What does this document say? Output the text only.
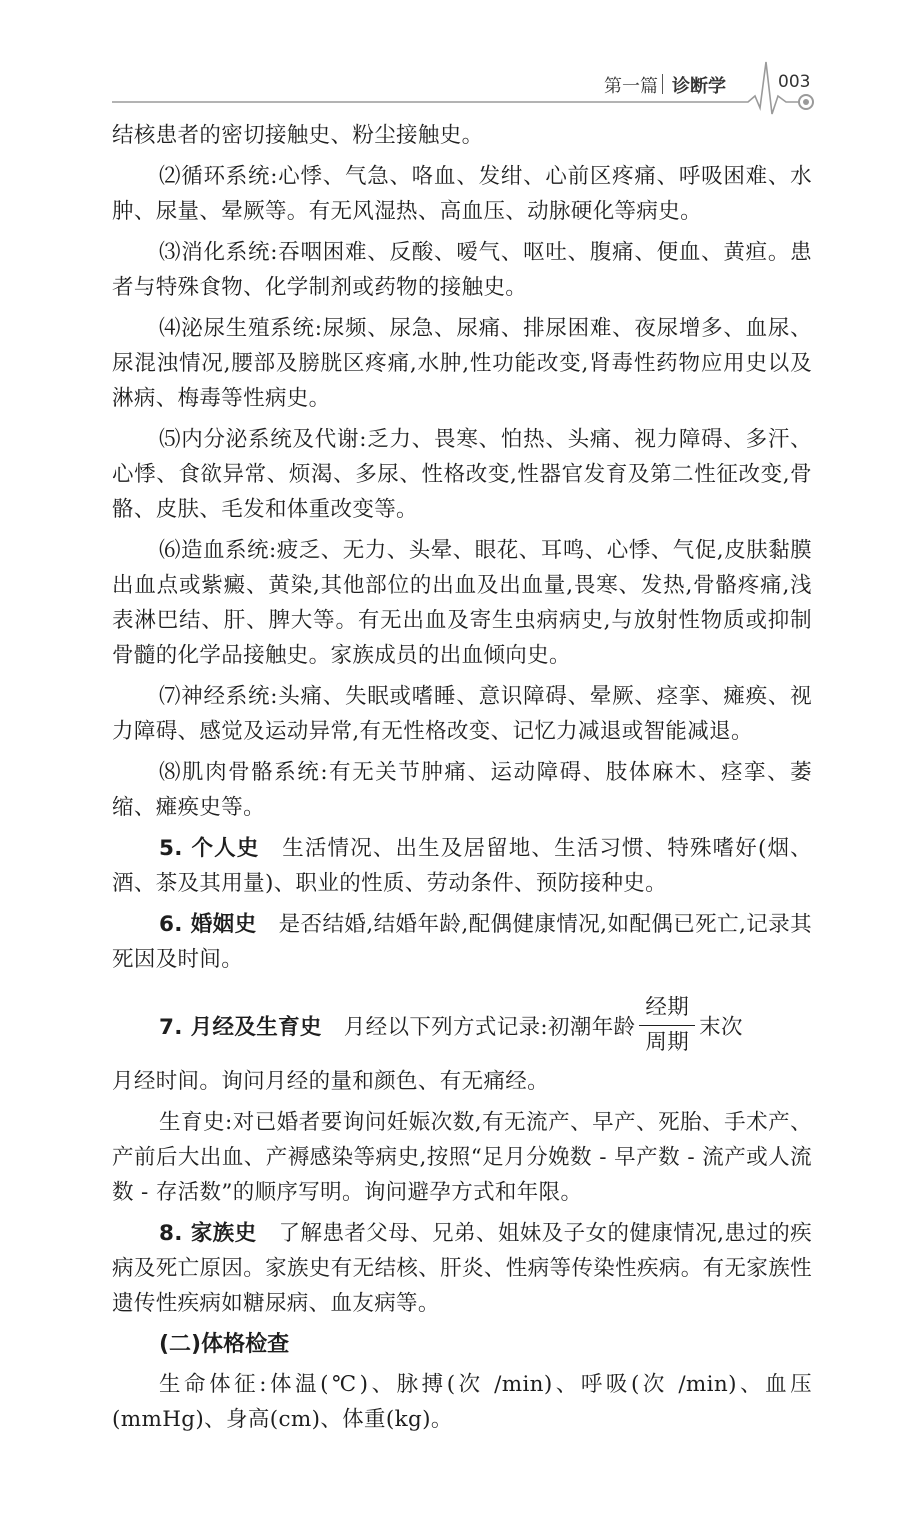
第一篇 诊断学	003

结核患者的密切接触史、粉尘接触史。

⑵循环系统:心悸、气急、咯血、发绀、心前区疼痛、呼吸困难、水肿、尿量、晕厥等。有无风湿热、高血压、动脉硬化等病史。

⑶消化系统:吞咽困难、反酸、嗳气、呕吐、腹痛、便血、黄疸。患者与特殊食物、化学制剂或药物的接触史。

⑷泌尿生殖系统:尿频、尿急、尿痛、排尿困难、夜尿增多、血尿、尿混浊情况,腰部及膀胱区疼痛,水肿,性功能改变,肾毒性药物应用史以及淋病、梅毒等性病史。

⑸内分泌系统及代谢:乏力、畏寒、怕热、头痛、视力障碍、多汗、心悸、食欲异常、烦渴、多尿、性格改变,性器官发育及第二性征改变,骨骼、皮肤、毛发和体重改变等。

⑹造血系统:疲乏、无力、头晕、眼花、耳鸣、心悸、气促,皮肤黏膜出血点或紫癜、黄染,其他部位的出血及出血量,畏寒、发热,骨骼疼痛,浅表淋巴结、肝、脾大等。有无出血及寄生虫病病史,与放射性物质或抑制骨髓的化学品接触史。家族成员的出血倾向史。

⑺神经系统:头痛、失眠或嗜睡、意识障碍、晕厥、痉挛、瘫痪、视力障碍、感觉及运动异常,有无性格改变、记忆力减退或智能减退。

⑻肌肉骨骼系统:有无关节肿痛、运动障碍、肢体麻木、痉挛、萎缩、瘫痪史等。

5. 个人史 生活情况、出生及居留地、生活习惯、特殊嗜好(烟、酒、茶及其用量)、职业的性质、劳动条件、预防接种史。

6. 婚姻史 是否结婚,结婚年龄,配偶健康情况,如配偶已死亡,记录其死因及时间。

7. 月经及生育史 月经以下列方式记录:初潮年龄 $\frac{\text{经期}}{\text{周期}}$ 末次

月经时间。询问月经的量和颜色、有无痛经。

生育史:对已婚者要询问妊娠次数,有无流产、早产、死胎、手术产、产前后大出血、产褥感染等病史,按照“足月分娩数 - 早产数 - 流产或人流数 - 存活数”的顺序写明。询问避孕方式和年限。

8. 家族史 了解患者父母、兄弟、姐妹及子女的健康情况,患过的疾病及死亡原因。家族史有无结核、肝炎、性病等传染性疾病。有无家族性遗传性疾病如糖尿病、血友病等。

(二)体格检查

生命体征:体温(℃)、脉搏(次 /min)、呼吸(次 /min)、血压(mmHg)、身高(cm)、体重(kg)。
